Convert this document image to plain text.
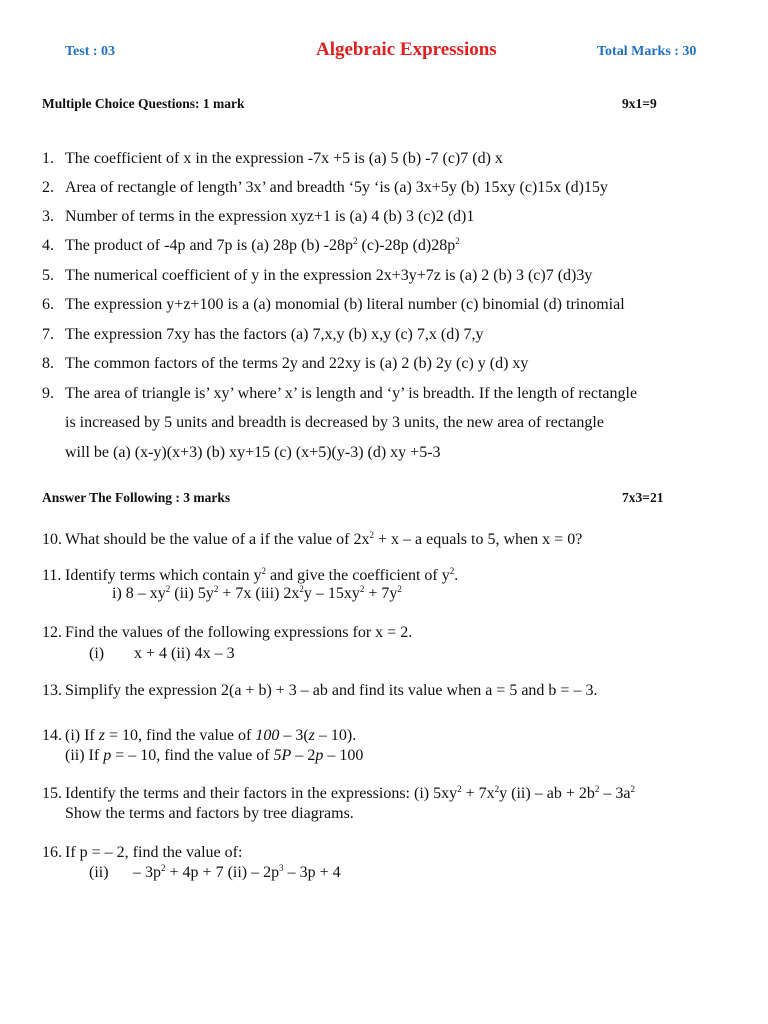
Test : 03	Algebraic Expressions	Total Marks : 30
Multiple Choice Questions: 1 mark	9x1=9
1. The coefficient of x in the expression -7x +5 is (a) 5 (b) -7 (c)7 (d) x
2. Area of rectangle of length’ 3x’ and breadth ‘5y ‘is (a) 3x+5y (b) 15xy (c)15x (d)15y
3. Number of terms in the expression xyz+1 is (a) 4 (b) 3 (c)2 (d)1
4. The product of -4p and 7p is (a) 28p (b) $-28p^2$ (c)-28p $(d)28p^2$
5. The numerical coefficient of y in the expression 2x+3y+7z is (a) 2 (b) 3 (c)7 (d)3y
6. The expression y+z+100 is a (a) monomial (b) literal number (c) binomial (d) trinomial
7. The expression 7xy has the factors (a) 7,x,y (b) x,y (c) 7,x (d) 7,y
8. The common factors of the terms 2y and 22xy is (a) 2 (b) 2y (c) y (d) xy
9. The area of triangle is’ xy’ where’ x’ is length and ‘y’ is breadth. If the length of rectangle
is increased by 5 units and breadth is decreased by 3 units, the new area of rectangle
will be (a) (x-y)(x+3) (b) xy+15 (c) (x+5)(y-3) (d) xy +5-3
Answer The Following : 3 marks	7x3=21
10. What should be the value of a if the value of $2x^2 + x - a$ equals to 5, when x = 0?
11. Identify terms which contain $y^2$ and give the coefficient of $y^2$.
i) $8 - xy^2$ (ii) $5y^2 + 7x$ (iii) $2x^2y - 15xy^2 + 7y^2$
12. Find the values of the following expressions for x = 2.
(i) x + 4 (ii) 4x – 3
13. Simplify the expression 2(a + b) + 3 – ab and find its value when a = 5 and b = – 3.
14. (i) If z = 10, find the value of 100 – 3(z – 10).
(ii) If p = – 10, find the value of 5P – 2p – 100
15. Identify the terms and their factors in the expressions: (i) $5xy^2 + 7x^2y$ (ii) – ab + $2b^2 - 3a^2$
Show the terms and factors by tree diagrams.
16. If p = – 2, find the value of:
$(ii) - 3p^2 + 4p + 7$ $(ii) - 2p^3 - 3p + 4$
